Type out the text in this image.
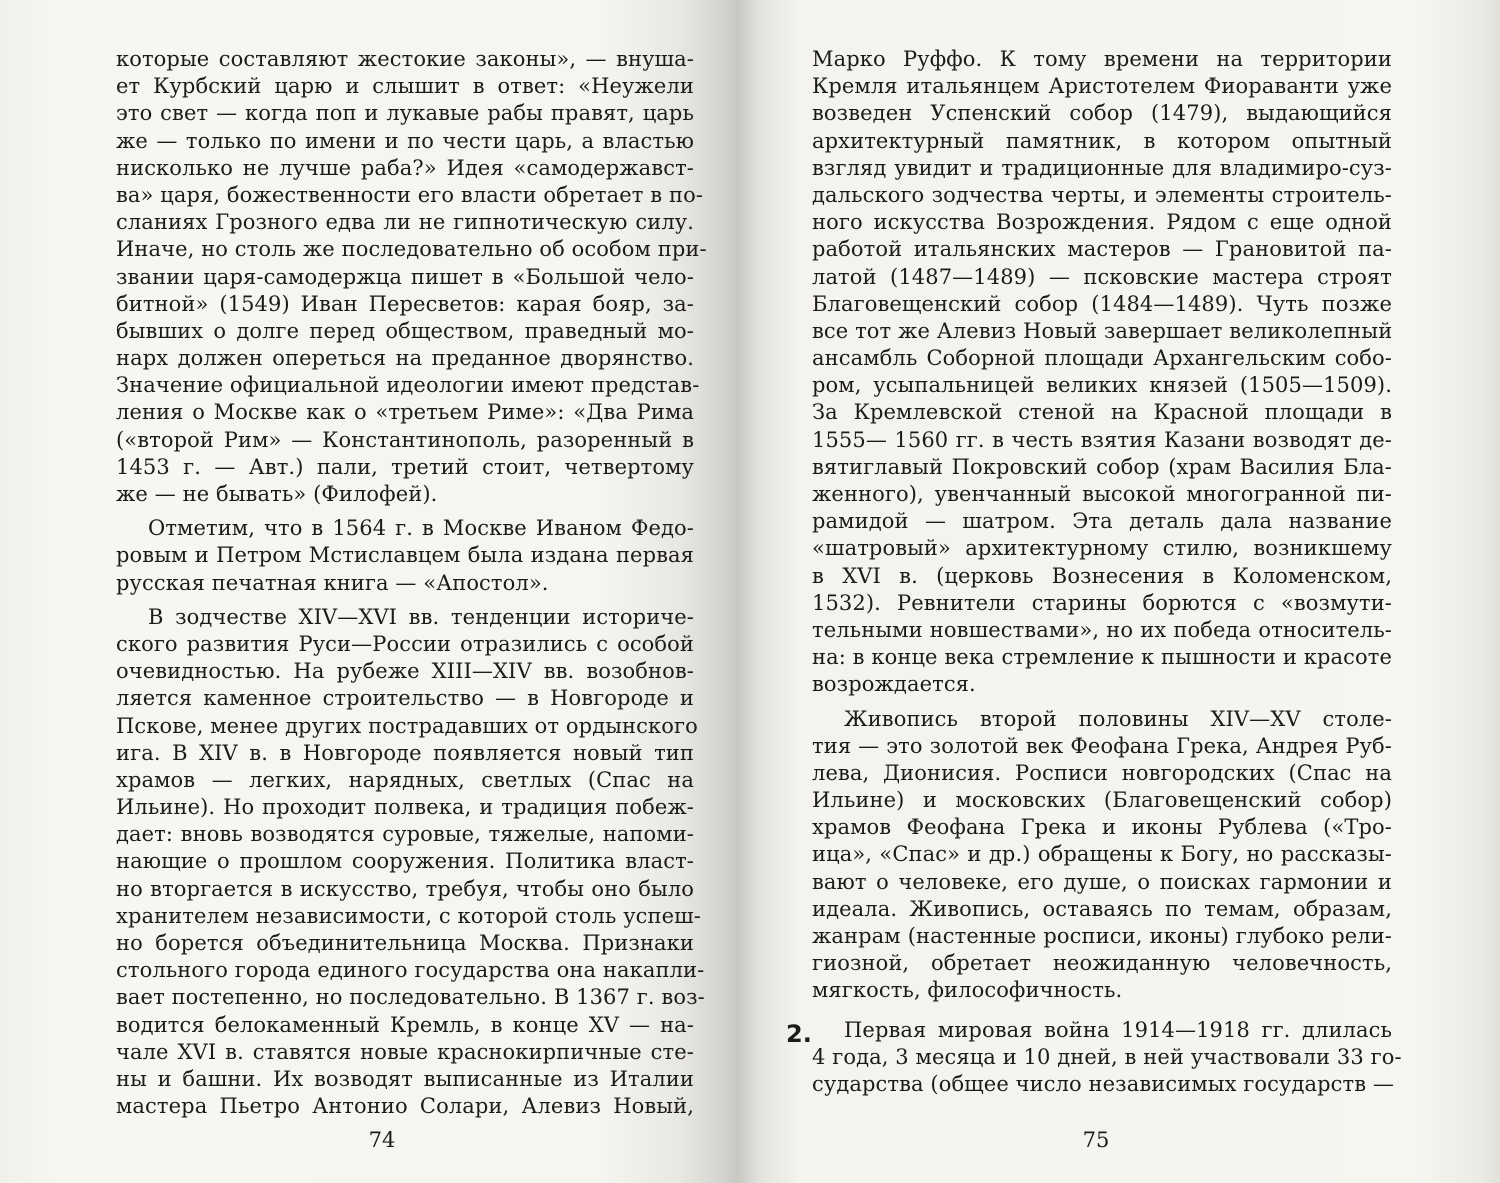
которые составляют жестокие законы», — внуша-
ет Курбский царю и слышит в ответ: «Неужели
это свет — когда поп и лукавые рабы правят, царь
же — только по имени и по чести царь, а властью
нисколько не лучше раба?» Идея «самодержавст-
ва» царя, божественности его власти обретает в по-
сланиях Грозного едва ли не гипнотическую силу.
Иначе, но столь же последовательно об особом при-
звании царя-самодержца пишет в «Большой чело-
битной» (1549) Иван Пересветов: карая бояр, за-
бывших о долге перед обществом, праведный мо-
нарх должен опереться на преданное дворянство.
Значение официальной идеологии имеют представ-
ления о Москве как о «третьем Риме»: «Два Рима
(«второй Рим» — Константинополь, разоренный в
1453 г. — Авт.) пали, третий стоит, четвертому
же — не бывать» (Филофей).
Отметим, что в 1564 г. в Москве Иваном Федо-
ровым и Петром Мстиславцем была издана первая
русская печатная книга — «Апостол».
В зодчестве XIV—XVI вв. тенденции историче-
ского развития Руси—России отразились с особой
очевидностью. На рубеже XIII—XIV вв. возобнов-
ляется каменное строительство — в Новгороде и
Пскове, менее других пострадавших от ордынского
ига. В XIV в. в Новгороде появляется новый тип
храмов — легких, нарядных, светлых (Спас на
Ильине). Но проходит полвека, и традиция побеж-
дает: вновь возводятся суровые, тяжелые, напоми-
нающие о прошлом сооружения. Политика власт-
но вторгается в искусство, требуя, чтобы оно было
хранителем независимости, с которой столь успеш-
но борется объединительница Москва. Признаки
стольного города единого государства она накапли-
вает постепенно, но последовательно. В 1367 г. воз-
водится белокаменный Кремль, в конце XV — на-
чале XVI в. ставятся новые краснокирпичные сте-
ны и башни. Их возводят выписанные из Италии
мастера Пьетро Антонио Солари, Алевиз Новый,
74
Марко Руффо. К тому времени на территории
Кремля итальянцем Аристотелем Фиораванти уже
возведен Успенский собор (1479), выдающийся
архитектурный памятник, в котором опытный
взгляд увидит и традиционные для владимиро-суз-
дальского зодчества черты, и элементы строитель-
ного искусства Возрождения. Рядом с еще одной
работой итальянских мастеров — Грановитой па-
латой (1487—1489) — псковские мастера строят
Благовещенский собор (1484—1489). Чуть позже
все тот же Алевиз Новый завершает великолепный
ансамбль Соборной площади Архангельским собо-
ром, усыпальницей великих князей (1505—1509).
За Кремлевской стеной на Красной площади в
1555— 1560 гг. в честь взятия Казани возводят де-
вятиглавый Покровский собор (храм Василия Бла-
женного), увенчанный высокой многогранной пи-
рамидой — шатром. Эта деталь дала название
«шатровый» архитектурному стилю, возникшему
в XVI в. (церковь Вознесения в Коломенском,
1532). Ревнители старины борются с «возмути-
тельными новшествами», но их победа относитель-
на: в конце века стремление к пышности и красоте
возрождается.
Живопись второй половины XIV—XV столе-
тия — это золотой век Феофана Грека, Андрея Руб-
лева, Дионисия. Росписи новгородских (Спас на
Ильине) и московских (Благовещенский собор)
храмов Феофана Грека и иконы Рублева («Тро-
ица», «Спас» и др.) обращены к Богу, но рассказы-
вают о человеке, его душе, о поисках гармонии и
идеала. Живопись, оставаясь по темам, образам,
жанрам (настенные росписи, иконы) глубоко рели-
гиозной, обретает неожиданную человечность,
мягкость, философичность.
Первая мировая война 1914—1918 гг. длилась
4 года, 3 месяца и 10 дней, в ней участвовали 33 го-
сударства (общее число независимых государств —
2.
75
